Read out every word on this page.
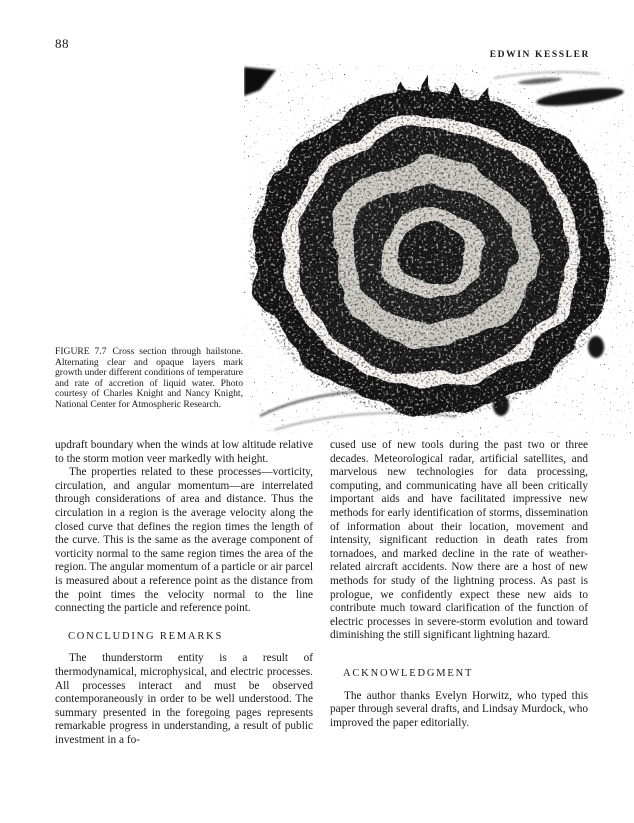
88
EDWIN KESSLER
FIGURE 7.7 Cross section through hailstone. Alternating clear and opaque layers mark growth under different conditions of temperature and rate of accretion of liquid water. Photo courtesy of Charles Knight and Nancy Knight, National Center for Atmospheric Research.

updraft boundary when the winds at low altitude relative to the storm motion veer markedly with height.

The properties related to these processes—vorticity, circulation, and angular momentum—are interrelated through considerations of area and distance. Thus the circulation in a region is the average velocity along the closed curve that defines the region times the length of the curve. This is the same as the average component of vorticity normal to the same region times the area of the region. The angular momentum of a particle or air parcel is measured about a reference point as the distance from the point times the velocity normal to the line connecting the particle and reference point.

CONCLUDING REMARKS

The thunderstorm entity is a result of thermodynamical, microphysical, and electric processes. All processes interact and must be observed contemporaneously in order to be well understood. The summary presented in the foregoing pages represents remarkable progress in understanding, a result of public investment in a fo-

cused use of new tools during the past two or three decades. Meteorological radar, artificial satellites, and marvelous new technologies for data processing, computing, and communicating have all been critically important aids and have facilitated impressive new methods for early identification of storms, dissemination of information about their location, movement and intensity, significant reduction in death rates from tornadoes, and marked decline in the rate of weather-related aircraft accidents. Now there are a host of new methods for study of the lightning process. As past is prologue, we confidently expect these new aids to contribute much toward clarification of the function of electric processes in severe-storm evolution and toward diminishing the still significant lightning hazard.

ACKNOWLEDGMENT

The author thanks Evelyn Horwitz, who typed this paper through several drafts, and Lindsay Murdock, who improved the paper editorially.
